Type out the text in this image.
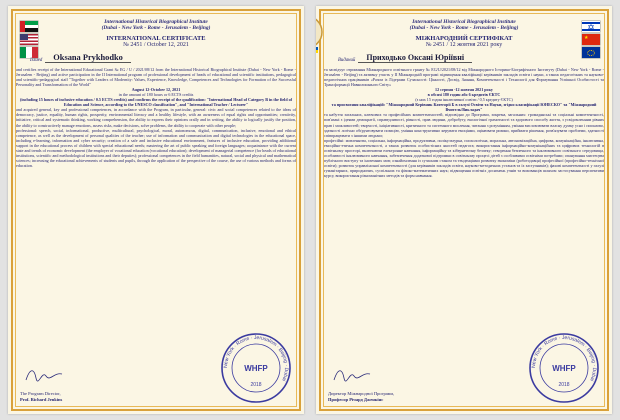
International Historical Biographical Institute
(Dubai - New York - Rome - Jerusalem - Beijing)
INTERNATIONAL CERTIFICATE
№ 2451 / October 12, 2021
Issued	Oksana Prykhodko

and certifies receipt of the International Educational Grant № EG / U / 2021/08/12 from the International Historical Biographical Institute (Dubai - New York - Rome - Jerusalem - Beijing) and active participation in the II International program of professional development of heads of educational and scientific institutions, pedagogical and scientific-pedagogical staff "Together with Leaders of Modernity: Values, Experience, Knowledge, Competences and Technologies for Formation of the Successful Personality and Transformation of the World"

August 12-October 12, 2021

in the amount of 180 hours or 6 ECTS credits

(including 15 hours of inclusive education / 0.5 ECTS credits) and confirms the receipt of the qualification: "International Head of Category B in the field of Education and Science, according to the UNESCO classification", and "International Teacher / Lecturer"

and acquired general, key and professional competences, in accordance with the Program, in particular, general: civic and social competences related to the ideas of democracy, justice, equality, human rights, prosperity, environmental literacy and a healthy lifestyle, with an awareness of equal rights and opportunities; creativity, initiative, critical and systematic thinking, working comprehension, the ability to express their opinions orally and in writing, the ability to logically justify the position, the ability to constructively manage emotions, assess risks, make decisions, solve problems, the ability to cooperate with other people;

professional: speech, social, informational, productive, multicultural, psychological, moral, autonomous, digital, communication, inclusive, emotional and ethical competence, as well as the development of personal qualities of the teacher; use of information and communication and digital technologies in the educational space, including e-learning, information and cyber security; creation of a safe and inclusive educational environment, features of inclusive education, providing additional support in the educational process of children with special educational needs; mastering the art of public speaking and foreign languages; acquaintance with the current state and trends of economic development (the employer of vocational education (vocational education); development of managerial competence (for heads of educational institutions, scientific and methodological institutions and their deputies); professional competences in the field humanities, natural, social and physical and mathematical sciences; increasing the educational achievements of students and pupils, through the application of the perspective of the course, the use of various methods and forms of education.

The Program Director,
Prof. Richard Jenkins
New York · Rome · Jerusalem · Beijing · Dubai
WHFP
2018
★
International Historical Biographical Institute
(Dubai - New York - Rome - Jerusalem - Beijing)
МІЖНАРОДНИЙ СЕРТИФІКАТ
№ 2451 / 12 жовтня 2021 року
Виданий	Приходько Оксані Юріївні

та засвідчує отримання Міжнародного освітнього гранту № EG/U/2021/08/12 від Міжнародного Історико-Біографічного Інституту (Dubai - New York - Rome - Jerusalem - Beijing) та активну участь у ІІ Міжнародній програмі підвищення кваліфікації керівників закладів освіти і науки, а також педагогічних та науково-педагогічних працівників «Разом із Лідерами Сучасності: Цінності, Досвід, Знання, Компетентності і Технології для Формування Успішної Особистості та Трансформації Навколишнього Світу»

12 серпня -12 жовтня 2021 року

в обсязі 180 годин або 6 кредитів ЄКТС

(з них 15 годин інклюзивної освіти / 0,5 кредиту ЄКТС)

та присвоєння кваліфікацій: "Міжнародний Керівник Категорії Б в галузі Освіти та Науки, згідно класифікації ЮНЕСКО" та "Міжнародний Вчитель/Викладач"

та набуття загальних, ключових та професійних компетентностей, відповідно до Програми, зокрема, загальних: громадянські та соціальні компетентності, пов'язані з ідеями демократії, справедливості, рівності, прав людини, добробуту, екологічної грамотності та здорового способу життя, з усвідомленням рівних прав і можливостей; творчості, ініціативності, критичного та системного мислення, читання з розумінням, уміння висловлювати власну думку усно і письмово, здатності логічно обґрунтовувати позицію, уміння конструктивно керувати емоціями, оцінювати ризики, приймати рішення, розв'язувати проблеми, здатності співпрацювати з іншими людьми;

професійні: мовленнєва, соціальна, інформаційна, продуктивна, полікультурна, психологічна, моральна, автономізаційна, цифрова, комунікаційна, інклюзивна, емоційно-етична компетентності, а також розвиток особистісних якостей педагога; використання інформаційно-комунікаційних та цифрових технологій в освітньому просторі, включаючи електронне навчання, інформаційну та кібернетичну безпеку; створення безпечного та інклюзивного освітнього середовища, особливості інклюзивного навчання, забезпечення додаткової підтримки в освітньому процесі дітей з особливими освітніми потребами; опанування мистецтва публічного виступу та іноземних мов; ознайомлення із сучасним станом та тенденціями розвитку економіки (роботодавця) професійної (професійно-технічної освіти); розвиток управлінської компетентності (для керівників закладів освіти, науково-методичних установ та їх заступників); фахові компетентності у галузі гуманітарних, природничих, суспільних та фізико-математичних наук; підвищення освітніх досягнень учнів та вихованців шляхом застосування перспективи курсу, використання різноманітних методів та форм навчання.

Директор Міжнародної Програми,
Професор Річард Дженкінс
New York · Rome · Jerusalem · Beijing · Dubai
WHFP
2018
